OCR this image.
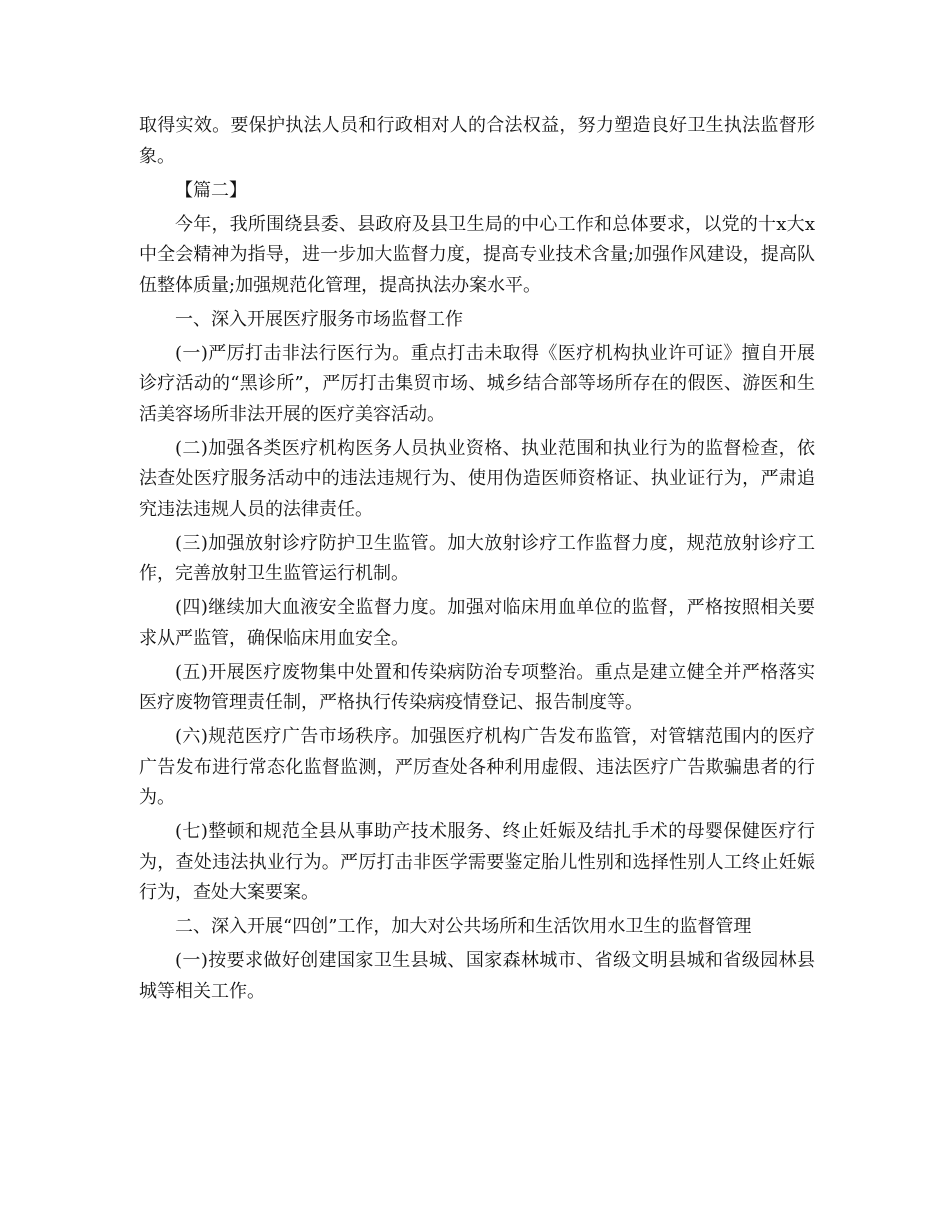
取得实效。要保护执法人员和行政相对人的合法权益，努力塑造良好卫生执法监督形象。

【篇二】

今年，我所围绕县委、县政府及县卫生局的中心工作和总体要求，以党的十x大x中全会精神为指导，进一步加大监督力度，提高专业技术含量;加强作风建设，提高队伍整体质量;加强规范化管理，提高执法办案水平。

一、深入开展医疗服务市场监督工作

(一)严厉打击非法行医行为。重点打击未取得《医疗机构执业许可证》擅自开展诊疗活动的“黑诊所”，严厉打击集贸市场、城乡结合部等场所存在的假医、游医和生活美容场所非法开展的医疗美容活动。

(二)加强各类医疗机构医务人员执业资格、执业范围和执业行为的监督检查，依法查处医疗服务活动中的违法违规行为、使用伪造医师资格证、执业证行为，严肃追究违法违规人员的法律责任。

(三)加强放射诊疗防护卫生监管。加大放射诊疗工作监督力度，规范放射诊疗工作，完善放射卫生监管运行机制。

(四)继续加大血液安全监督力度。加强对临床用血单位的监督，严格按照相关要求从严监管，确保临床用血安全。

(五)开展医疗废物集中处置和传染病防治专项整治。重点是建立健全并严格落实医疗废物管理责任制，严格执行传染病疫情登记、报告制度等。

(六)规范医疗广告市场秩序。加强医疗机构广告发布监管，对管辖范围内的医疗广告发布进行常态化监督监测，严厉查处各种利用虚假、违法医疗广告欺骗患者的行为。

(七)整顿和规范全县从事助产技术服务、终止妊娠及结扎手术的母婴保健医疗行为，查处违法执业行为。严厉打击非医学需要鉴定胎儿性别和选择性别人工终止妊娠行为，查处大案要案。

二、深入开展“四创”工作，加大对公共场所和生活饮用水卫生的监督管理

(一)按要求做好创建国家卫生县城、国家森林城市、省级文明县城和省级园林县城等相关工作。
